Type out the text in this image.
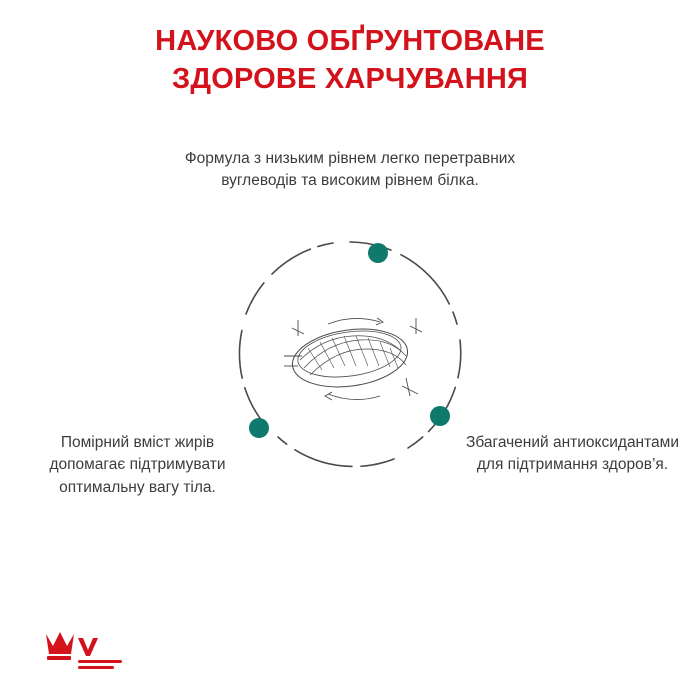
НАУКОВО ОБҐРУНТОВАНЕ
ЗДОРОВЕ ХАРЧУВАННЯ
Формула з низьким рівнем легко перетравних вуглеводів та високим рівнем білка.
Помірний вміст жирів допомагає підтримувати оптимальну вагу тіла.
Збагачений антиоксидантами для підтримання здоров’я.
